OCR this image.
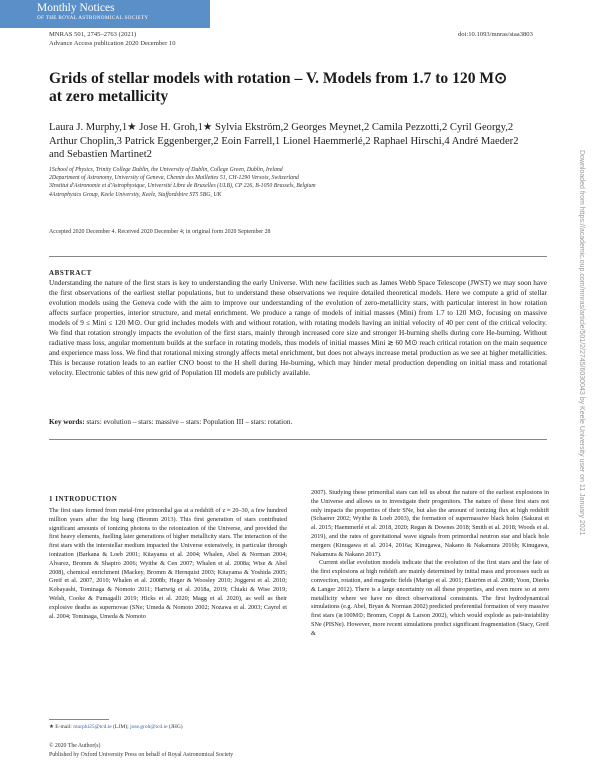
Monthly Notices
OF THE ROYAL ASTRONOMICAL SOCIETY
MNRAS 501, 2745–2763 (2021)
Advance Access publication 2020 December 10
doi:10.1093/mnras/staa3803
Grids of stellar models with rotation – V. Models from 1.7 to 120 M⊙ at zero metallicity
Laura J. Murphy,1★ Jose H. Groh,1★ Sylvia Ekström,2 Georges Meynet,2 Camila Pezzotti,2 Cyril Georgy,2 Arthur Choplin,3 Patrick Eggenberger,2 Eoin Farrell,1 Lionel Haemmerlé,2 Raphael Hirschi,4 André Maeder2 and Sebastien Martinet2
1School of Physics, Trinity College Dublin, the University of Dublin, College Green, Dublin, Ireland
2Department of Astronomy, University of Geneva, Chemin des Maillettes 51, CH-1290 Versoix, Switzerland
3Institut d'Astronomie et d'Astrophysique, Université Libre de Bruxelles (ULB), CP 226, B-1050 Brussels, Belgium
4Astrophysics Group, Keele University, Keele, Staffordshire ST5 5BG, UK
Accepted 2020 December 4. Received 2020 December 4; in original form 2020 September 28
ABSTRACT
Understanding the nature of the first stars is key to understanding the early Universe. With new facilities such as James Webb Space Telescope (JWST) we may soon have the first observations of the earliest stellar populations, but to understand these observations we require detailed theoretical models. Here we compute a grid of stellar evolution models using the Geneva code with the aim to improve our understanding of the evolution of zero-metallicity stars, with particular interest in how rotation affects surface properties, interior structure, and metal enrichment. We produce a range of models of initial masses (Mini) from 1.7 to 120 M⊙, focusing on massive models of 9 ≤ Mini ≤ 120 M⊙. Our grid includes models with and without rotation, with rotating models having an initial velocity of 40 per cent of the critical velocity. We find that rotation strongly impacts the evolution of the first stars, mainly through increased core size and stronger H-burning shells during core He-burning. Without radiative mass loss, angular momentum builds at the surface in rotating models, thus models of initial masses Mini ≳ 60 M⊙ reach critical rotation on the main sequence and experience mass loss. We find that rotational mixing strongly affects metal enrichment, but does not always increase metal production as we see at higher metallicities. This is because rotation leads to an earlier CNO boost to the H shell during He-burning, which may hinder metal production depending on initial mass and rotational velocity. Electronic tables of this new grid of Population III models are publicly available.
Key words: stars: evolution – stars: massive – stars: Population III – stars: rotation.
1 INTRODUCTION

The first stars formed from metal-free primordial gas at a redshift of z ≈ 20–30, a few hundred million years after the big bang (Bromm 2013). This first generation of stars contributed significant amounts of ionizing photons to the reionization of the Universe, and provided the first heavy elements, fuelling later generations of higher metallicity stars. The interaction of the first stars with the interstellar medium impacted the Universe extensively, in particular through ionization (Barkana & Loeb 2001; Kitayama et al. 2004; Whalen, Abel & Norman 2004; Alvarez, Bromm & Shapiro 2006; Wyithe & Cen 2007; Whalen et al. 2008a; Wise & Abel 2008), chemical enrichment (Mackey, Bromm & Hernquist 2003; Kitayama & Yoshida 2005; Greif et al. 2007, 2010; Whalen et al. 2008b; Heger & Woosley 2010; Joggerst et al. 2010; Kobayashi, Tominaga & Nomoto 2011; Hartwig et al. 2018a, 2019; Chiaki & Wise 2019; Welsh, Cooke & Fumagalli 2019; Hicks et al. 2020; Magg et al. 2020), as well as their explosive deaths as supernovae (SNe; Umeda & Nomoto 2002; Nozawa et al. 2003; Cayrel et al. 2004; Tominaga, Umeda & Nomoto

2007). Studying these primordial stars can tell us about the nature of the earliest explosions in the Universe and allows us to investigate their progenitors. The nature of these first stars not only impacts the properties of their SNe, but also the amount of ionizing flux at high redshift (Schaerer 2002; Wyithe & Loeb 2003), the formation of supermassive black holes (Sakurai et al. 2015; Haemmerlé et al. 2018, 2020; Regan & Downes 2018; Smith et al. 2018; Woods et al. 2019), and the rates of gravitational wave signals from primordial neutron star and black hole mergers (Kinugawa et al. 2014, 2016a; Kinugawa, Nakano & Nakamura 2016b; Kinugawa, Nakamura & Nakano 2017).

Current stellar evolution models indicate that the evolution of the first stars and the fate of the first explosions at high redshift are mainly determined by initial mass and processes such as convection, rotation, and magnetic fields (Marigo et al. 2001; Ekström et al. 2008; Yoon, Dierks & Langer 2012). There is a large uncertainty on all these properties, and even more so at zero metallicity where we have no direct observational constraints. The first hydrodynamical simulations (e.g. Abel, Bryan & Norman 2002) predicted preferential formation of very massive first stars (≳100M⊙; Bromm, Coppi & Larson 2002), which would explode as pair-instability SNe (PISNe). However, more recent simulations predict significant fragmentation (Stacy, Greif &

★ E-mail: murphl25@tcd.ie (LJM); jose.groh@tcd.ie (JHG)
© 2020 The Author(s)
Published by Oxford University Press on behalf of Royal Astronomical Society
Downloaded from https://academic.oup.com/mnras/article/501/2/2745/6030043 by Keele University user on 11 January 2021
